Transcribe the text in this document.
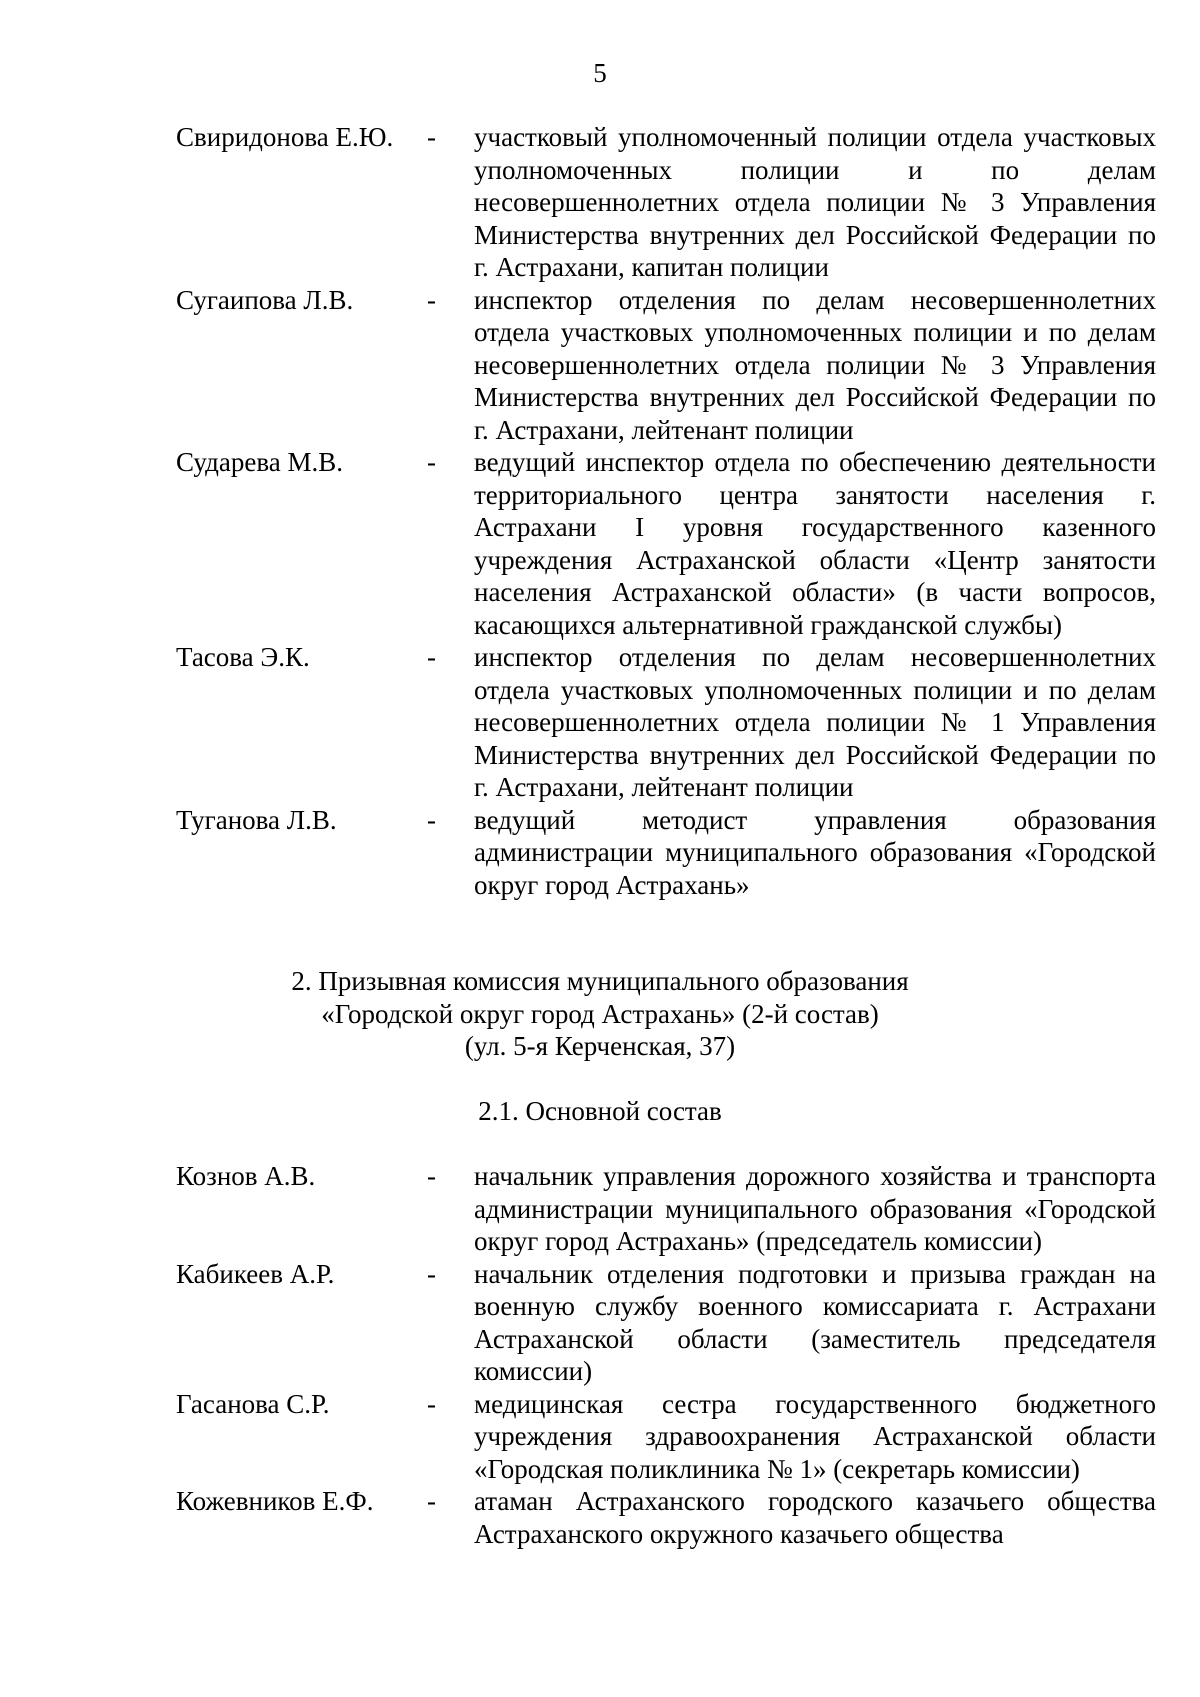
5
Свиридонова Е.Ю.	-	участковый уполномоченный полиции отдела участковых уполномоченных полиции и по делам несовершеннолетних отдела полиции № 3 Управления Министерства внутренних дел Российской Федерации по г. Астрахани, капитан полиции
Сугаипова Л.В.	-	инспектор отделения по делам несовершеннолетних отдела участковых уполномоченных полиции и по делам несовершеннолетних отдела полиции № 3 Управления Министерства внутренних дел Российской Федерации по г. Астрахани, лейтенант полиции
Сударева М.В.	-	ведущий инспектор отдела по обеспечению деятельности территориального центра занятости населения г. Астрахани I уровня государственного казенного учреждения Астраханской области «Центр занятости населения Астраханской области» (в части вопросов, касающихся альтернативной гражданской службы)
Тасова Э.К.	-	инспектор отделения по делам несовершеннолетних отдела участковых уполномоченных полиции и по делам несовершеннолетних отдела полиции № 1 Управления Министерства внутренних дел Российской Федерации по г. Астрахани, лейтенант полиции
Туганова Л.В.	-	ведущий методист управления образования администрации муниципального образования «Городской округ город Астрахань»
2. Призывная комиссия муниципального образования
«Городской округ город Астрахань» (2-й состав)
(ул. 5-я Керченская, 37)
2.1. Основной состав
Кознов А.В.	-	начальник управления дорожного хозяйства и транспорта администрации муниципального образования «Городской округ город Астрахань» (председатель комиссии)
Кабикеев А.Р.	-	начальник отделения подготовки и призыва граждан на военную службу военного комиссариата г. Астрахани Астраханской области (заместитель председателя комиссии)
Гасанова С.Р.	-	медицинская сестра государственного бюджетного учреждения здравоохранения Астраханской области «Городская поликлиника № 1» (секретарь комиссии)
Кожевников Е.Ф.	-	атаман Астраханского городского казачьего общества Астраханского окружного казачьего общества
